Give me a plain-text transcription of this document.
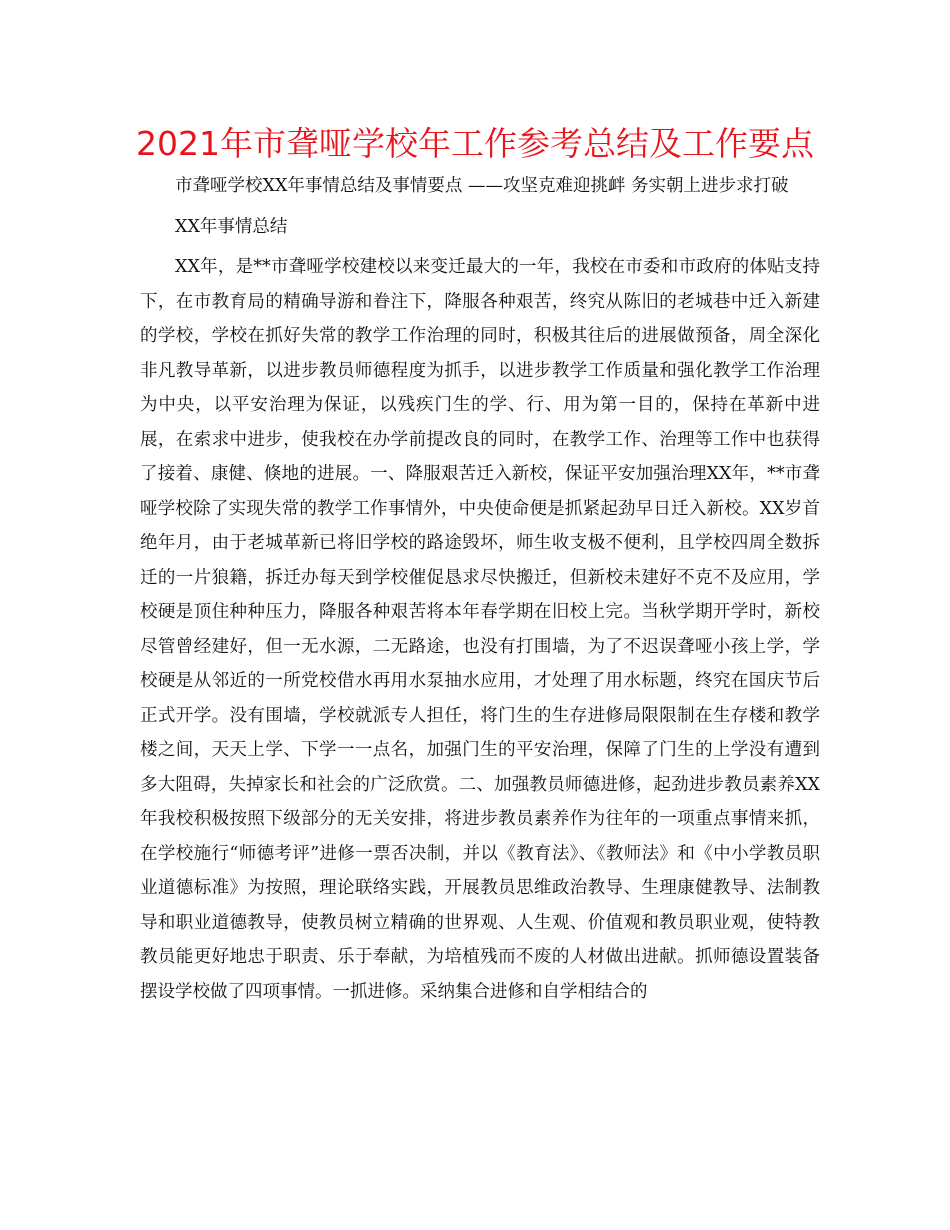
2021年市聋哑学校年工作参考总结及工作要点

市聋哑学校XX年事情总结及事情要点 ——攻坚克难迎挑衅 务实朝上进步求打破

XX年事情总结

XX年，是**市聋哑学校建校以来变迁最大的一年，我校在市委和市政府的体贴支持下，在市教育局的精确导游和眷注下，降服各种艰苦，终究从陈旧的老城巷中迁入新建的学校，学校在抓好失常的教学工作治理的同时，积极其往后的进展做预备，周全深化非凡教导革新，以进步教员师德程度为抓手，以进步教学工作质量和强化教学工作治理为中央，以平安治理为保证，以残疾门生的学、行、用为第一目的，保持在革新中进展，在索求中进步，使我校在办学前提改良的同时，在教学工作、治理等工作中也获得了接着、康健、倏地的进展。一、降服艰苦迁入新校，保证平安加强治理XX年，**市聋哑学校除了实现失常的教学工作事情外，中央使命便是抓紧起劲早日迁入新校。XX岁首绝年月，由于老城革新已将旧学校的路途毁坏，师生收支极不便利，且学校四周全数拆迁的一片狼籍，拆迁办每天到学校催促恳求尽快搬迁，但新校未建好不克不及应用，学校硬是顶住种种压力，降服各种艰苦将本年春学期在旧校上完。当秋学期开学时，新校尽管曾经建好，但一无水源，二无路途，也没有打围墙，为了不迟误聋哑小孩上学，学校硬是从邻近的一所党校借水再用水泵抽水应用，才处理了用水标题，终究在国庆节后正式开学。没有围墙，学校就派专人担任，将门生的生存进修局限限制在生存楼和教学楼之间，天天上学、下学一一点名，加强门生的平安治理，保障了门生的上学没有遭到多大阻碍，失掉家长和社会的广泛欣赏。二、加强教员师德进修，起劲进步教员素养XX年我校积极按照下级部分的无关安排，将进步教员素养作为往年的一项重点事情来抓，在学校施行“师德考评”进修一票否决制，并以《教育法》、《教师法》和《中小学教员职业道德标准》为按照，理论联络实践，开展教员思维政治教导、生理康健教导、法制教导和职业道德教导，使教员树立精确的世界观、人生观、价值观和教员职业观，使特教教员能更好地忠于职责、乐于奉献，为培植残而不废的人材做出进献。抓师德设置装备摆设学校做了四项事情。一抓进修。采纳集合进修和自学相结合的
